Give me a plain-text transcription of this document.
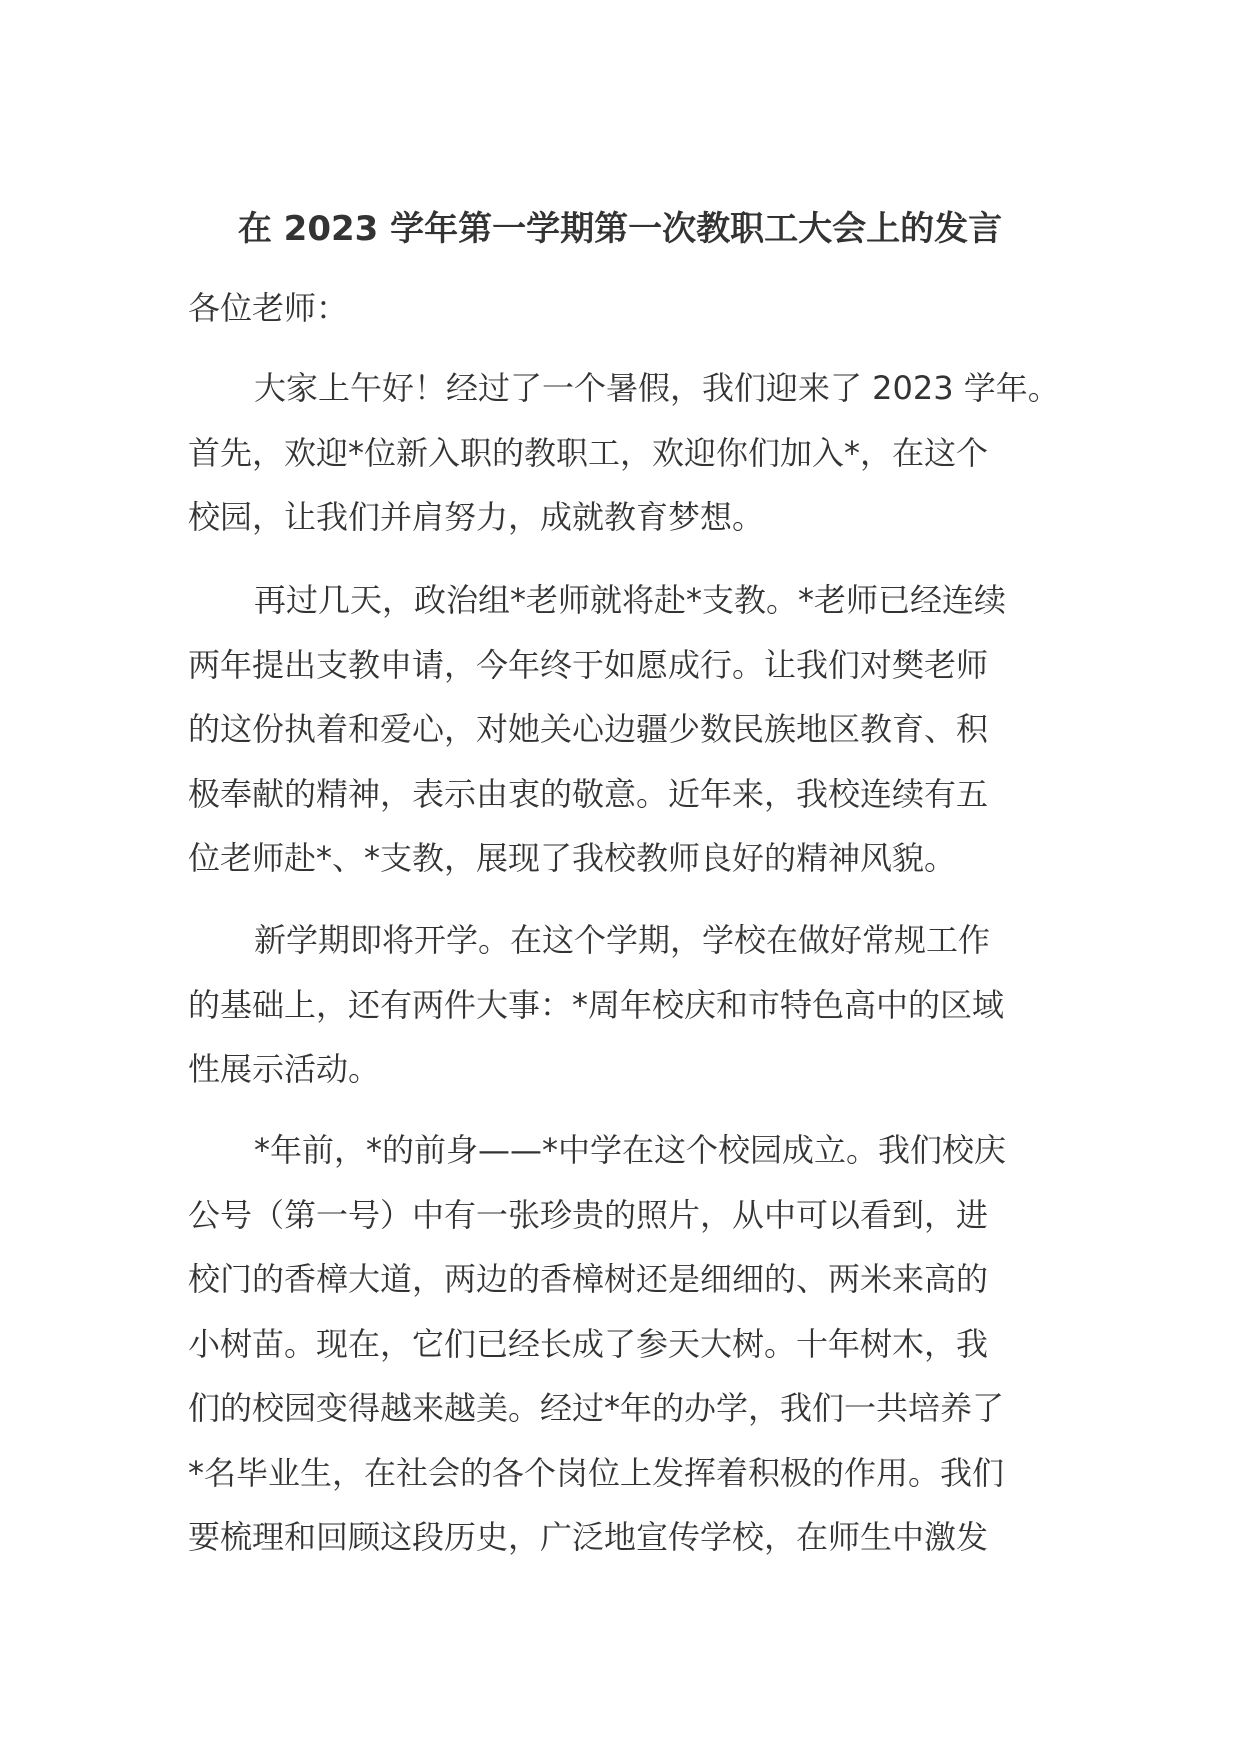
在 2023 学年第一学期第一次教职工大会上的发言

各位老师：

大家上午好！经过了一个暑假，我们迎来了 2023 学年。
首先，欢迎*位新入职的教职工，欢迎你们加入*，在这个
校园，让我们并肩努力，成就教育梦想。

再过几天，政治组*老师就将赴*支教。*老师已经连续
两年提出支教申请，今年终于如愿成行。让我们对樊老师
的这份执着和爱心，对她关心边疆少数民族地区教育、积
极奉献的精神，表示由衷的敬意。近年来，我校连续有五
位老师赴*、*支教，展现了我校教师良好的精神风貌。

新学期即将开学。在这个学期，学校在做好常规工作
的基础上，还有两件大事：*周年校庆和市特色高中的区域
性展示活动。

*年前，*的前身——*中学在这个校园成立。我们校庆
公号（第一号）中有一张珍贵的照片，从中可以看到，进
校门的香樟大道，两边的香樟树还是细细的、两米来高的
小树苗。现在，它们已经长成了参天大树。十年树木，我
们的校园变得越来越美。经过*年的办学，我们一共培养了
*名毕业生，在社会的各个岗位上发挥着积极的作用。我们
要梳理和回顾这段历史，广泛地宣传学校，在师生中激发
